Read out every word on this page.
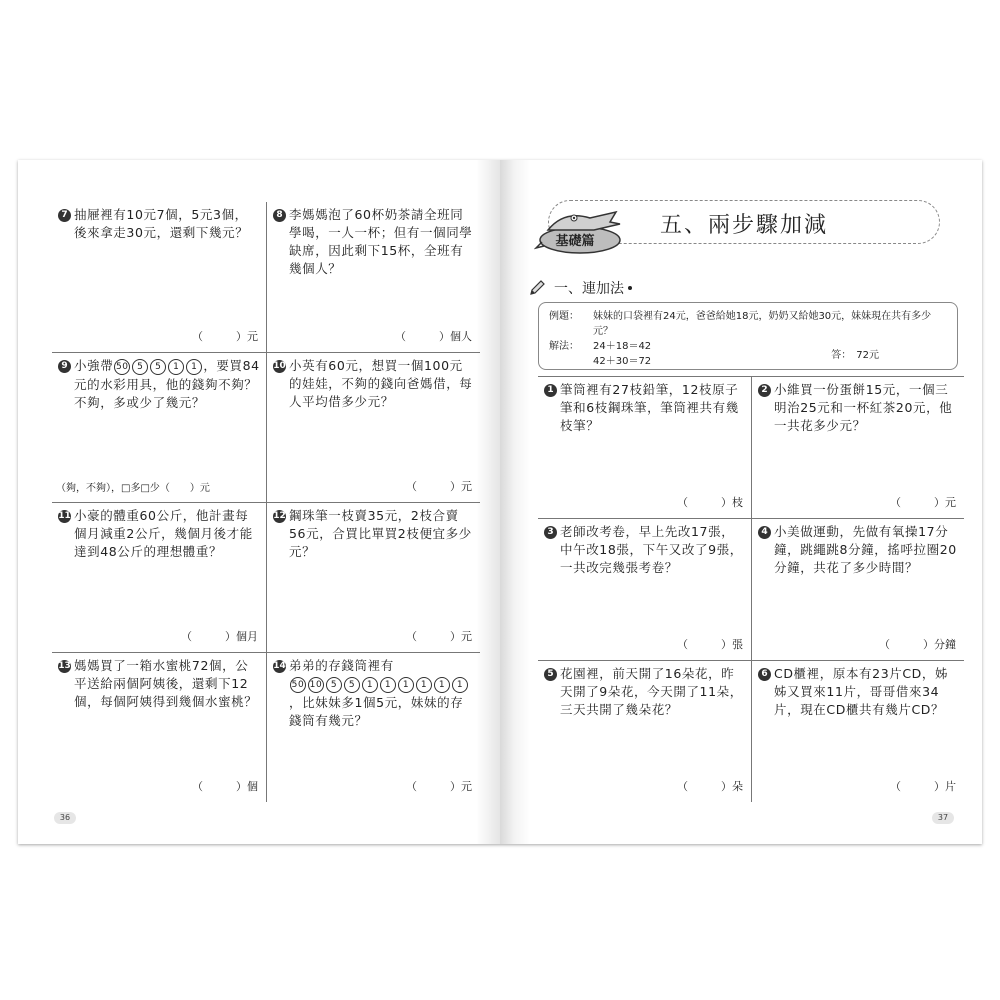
7 抽屜裡有10元7個，5元3個，後來拿走30元，還剩下幾元？
（　　　）元
8 李媽媽泡了60杯奶茶請全班同學喝，一人一杯；但有一個同學缺席，因此剩下15杯，全班有幾個人？
（　　　）個人
9 小強帶 50 5 5 1 1 ，要買84元的水彩用具，他的錢夠不夠？不夠，多或少了幾元？
（夠，不夠），□多□少（　　）元
10 小英有60元，想買一個100元的娃娃，不夠的錢向爸媽借，每人平均借多少元？
（　　　）元
11 小豪的體重60公斤，他計畫每個月減重2公斤，幾個月後才能達到48公斤的理想體重？
（　　　）個月
12 鋼珠筆一枝賣35元，2枝合賣56元，合買比單買2枝便宜多少元？
（　　　）元
13 媽媽買了一箱水蜜桃72個，公平送給兩個阿姨後，還剩下12個，每個阿姨得到幾個水蜜桃？
（　　　）個
14 弟弟的存錢筒裡有50 10 5 5 1 1 1 1 1 1，比妹妹多1個5元，妹妹的存錢筒有幾元？
（　　　）元
36
基礎篇
五、兩步驟加減
一、連加法
例題：	妹妹的口袋裡有24元，爸爸給她18元，奶奶又給她30元，妹妹現在共有多少元？
解法：	24＋18＝42
42＋30＝72
答：　72元
1 筆筒裡有27枝鉛筆，12枝原子筆和6枝鋼珠筆，筆筒裡共有幾枝筆？
（　　　）枝
2 小維買一份蛋餅15元，一個三明治25元和一杯紅茶20元，他一共花多少元？
（　　　）元
3 老師改考卷，早上先改17張，中午改18張，下午又改了9張，一共改完幾張考卷？
（　　　）張
4 小美做運動，先做有氧操17分鐘，跳繩跳8分鐘，搖呼拉圈20分鐘，共花了多少時間？
（　　　）分鐘
5 花園裡，前天開了16朵花，昨天開了9朵花，今天開了11朵，三天共開了幾朵花？
（　　　）朵
6 CD櫃裡，原本有23片CD，姊姊又買來11片，哥哥借來34片，現在CD櫃共有幾片CD？
（　　　）片
37
